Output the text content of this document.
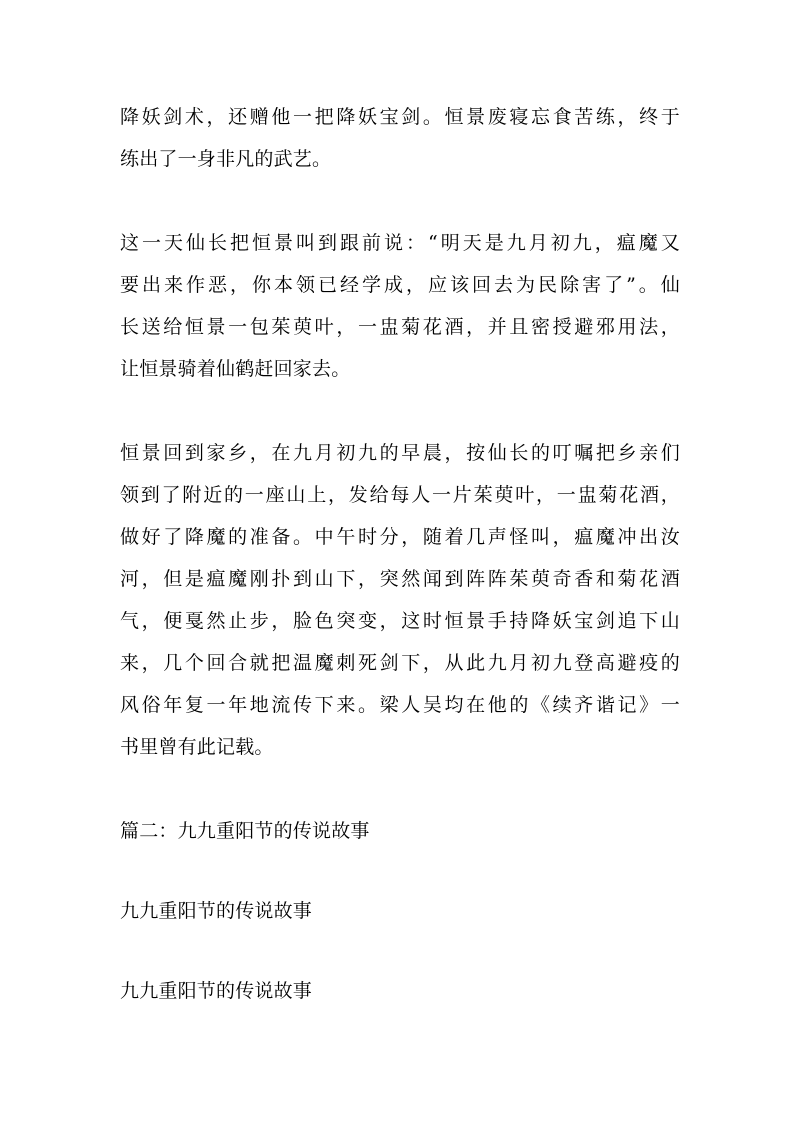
降妖剑术，还赠他一把降妖宝剑。恒景废寝忘食苦练，终于
练出了一身非凡的武艺。
这一天仙长把恒景叫到跟前说：“明天是九月初九，瘟魔又
要出来作恶，你本领已经学成，应该回去为民除害了”。仙
长送给恒景一包茱萸叶，一盅菊花酒，并且密授避邪用法，
让恒景骑着仙鹤赶回家去。
恒景回到家乡，在九月初九的早晨，按仙长的叮嘱把乡亲们
领到了附近的一座山上，发给每人一片茱萸叶，一盅菊花酒，
做好了降魔的准备。中午时分，随着几声怪叫，瘟魔冲出汝
河，但是瘟魔刚扑到山下，突然闻到阵阵茱萸奇香和菊花酒
气，便戛然止步，脸色突变，这时恒景手持降妖宝剑追下山
来，几个回合就把温魔刺死剑下，从此九月初九登高避疫的
风俗年复一年地流传下来。梁人吴均在他的《续齐谐记》一
书里曾有此记载。
篇二：九九重阳节的传说故事
九九重阳节的传说故事
九九重阳节的传说故事
